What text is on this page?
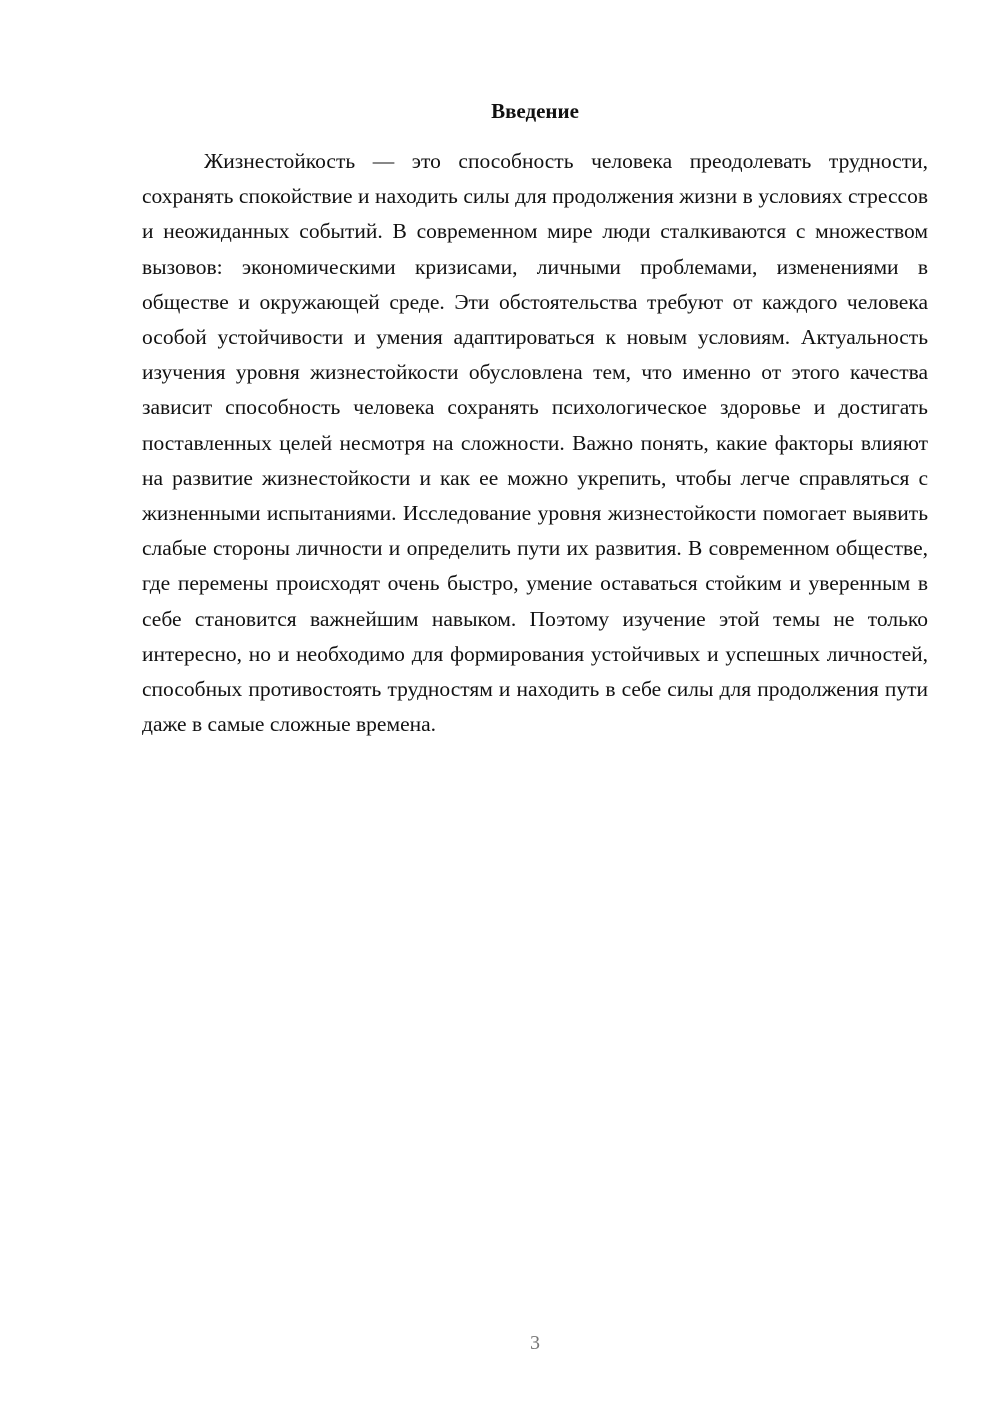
Введение

Жизнестойкость — это способность человека преодолевать трудности, сохранять спокойствие и находить силы для продолжения жизни в условиях стрессов и неожиданных событий. В современном мире люди сталкиваются с множеством вызовов: экономическими кризисами, личными проблемами, изменениями в обществе и окружающей среде. Эти обстоятельства требуют от каждого человека особой устойчивости и умения адаптироваться к новым условиям. Актуальность изучения уровня жизнестойкости обусловлена тем, что именно от этого качества зависит способность человека сохранять психологическое здоровье и достигать поставленных целей несмотря на сложности. Важно понять, какие факторы влияют на развитие жизнестойкости и как ее можно укрепить, чтобы легче справляться с жизненными испытаниями. Исследование уровня жизнестойкости помогает выявить слабые стороны личности и определить пути их развития. В современном обществе, где перемены происходят очень быстро, умение оставаться стойким и уверенным в себе становится важнейшим навыком. Поэтому изучение этой темы не только интересно, но и необходимо для формирования устойчивых и успешных личностей, способных противостоять трудностям и находить в себе силы для продолжения пути даже в самые сложные времена.

3
